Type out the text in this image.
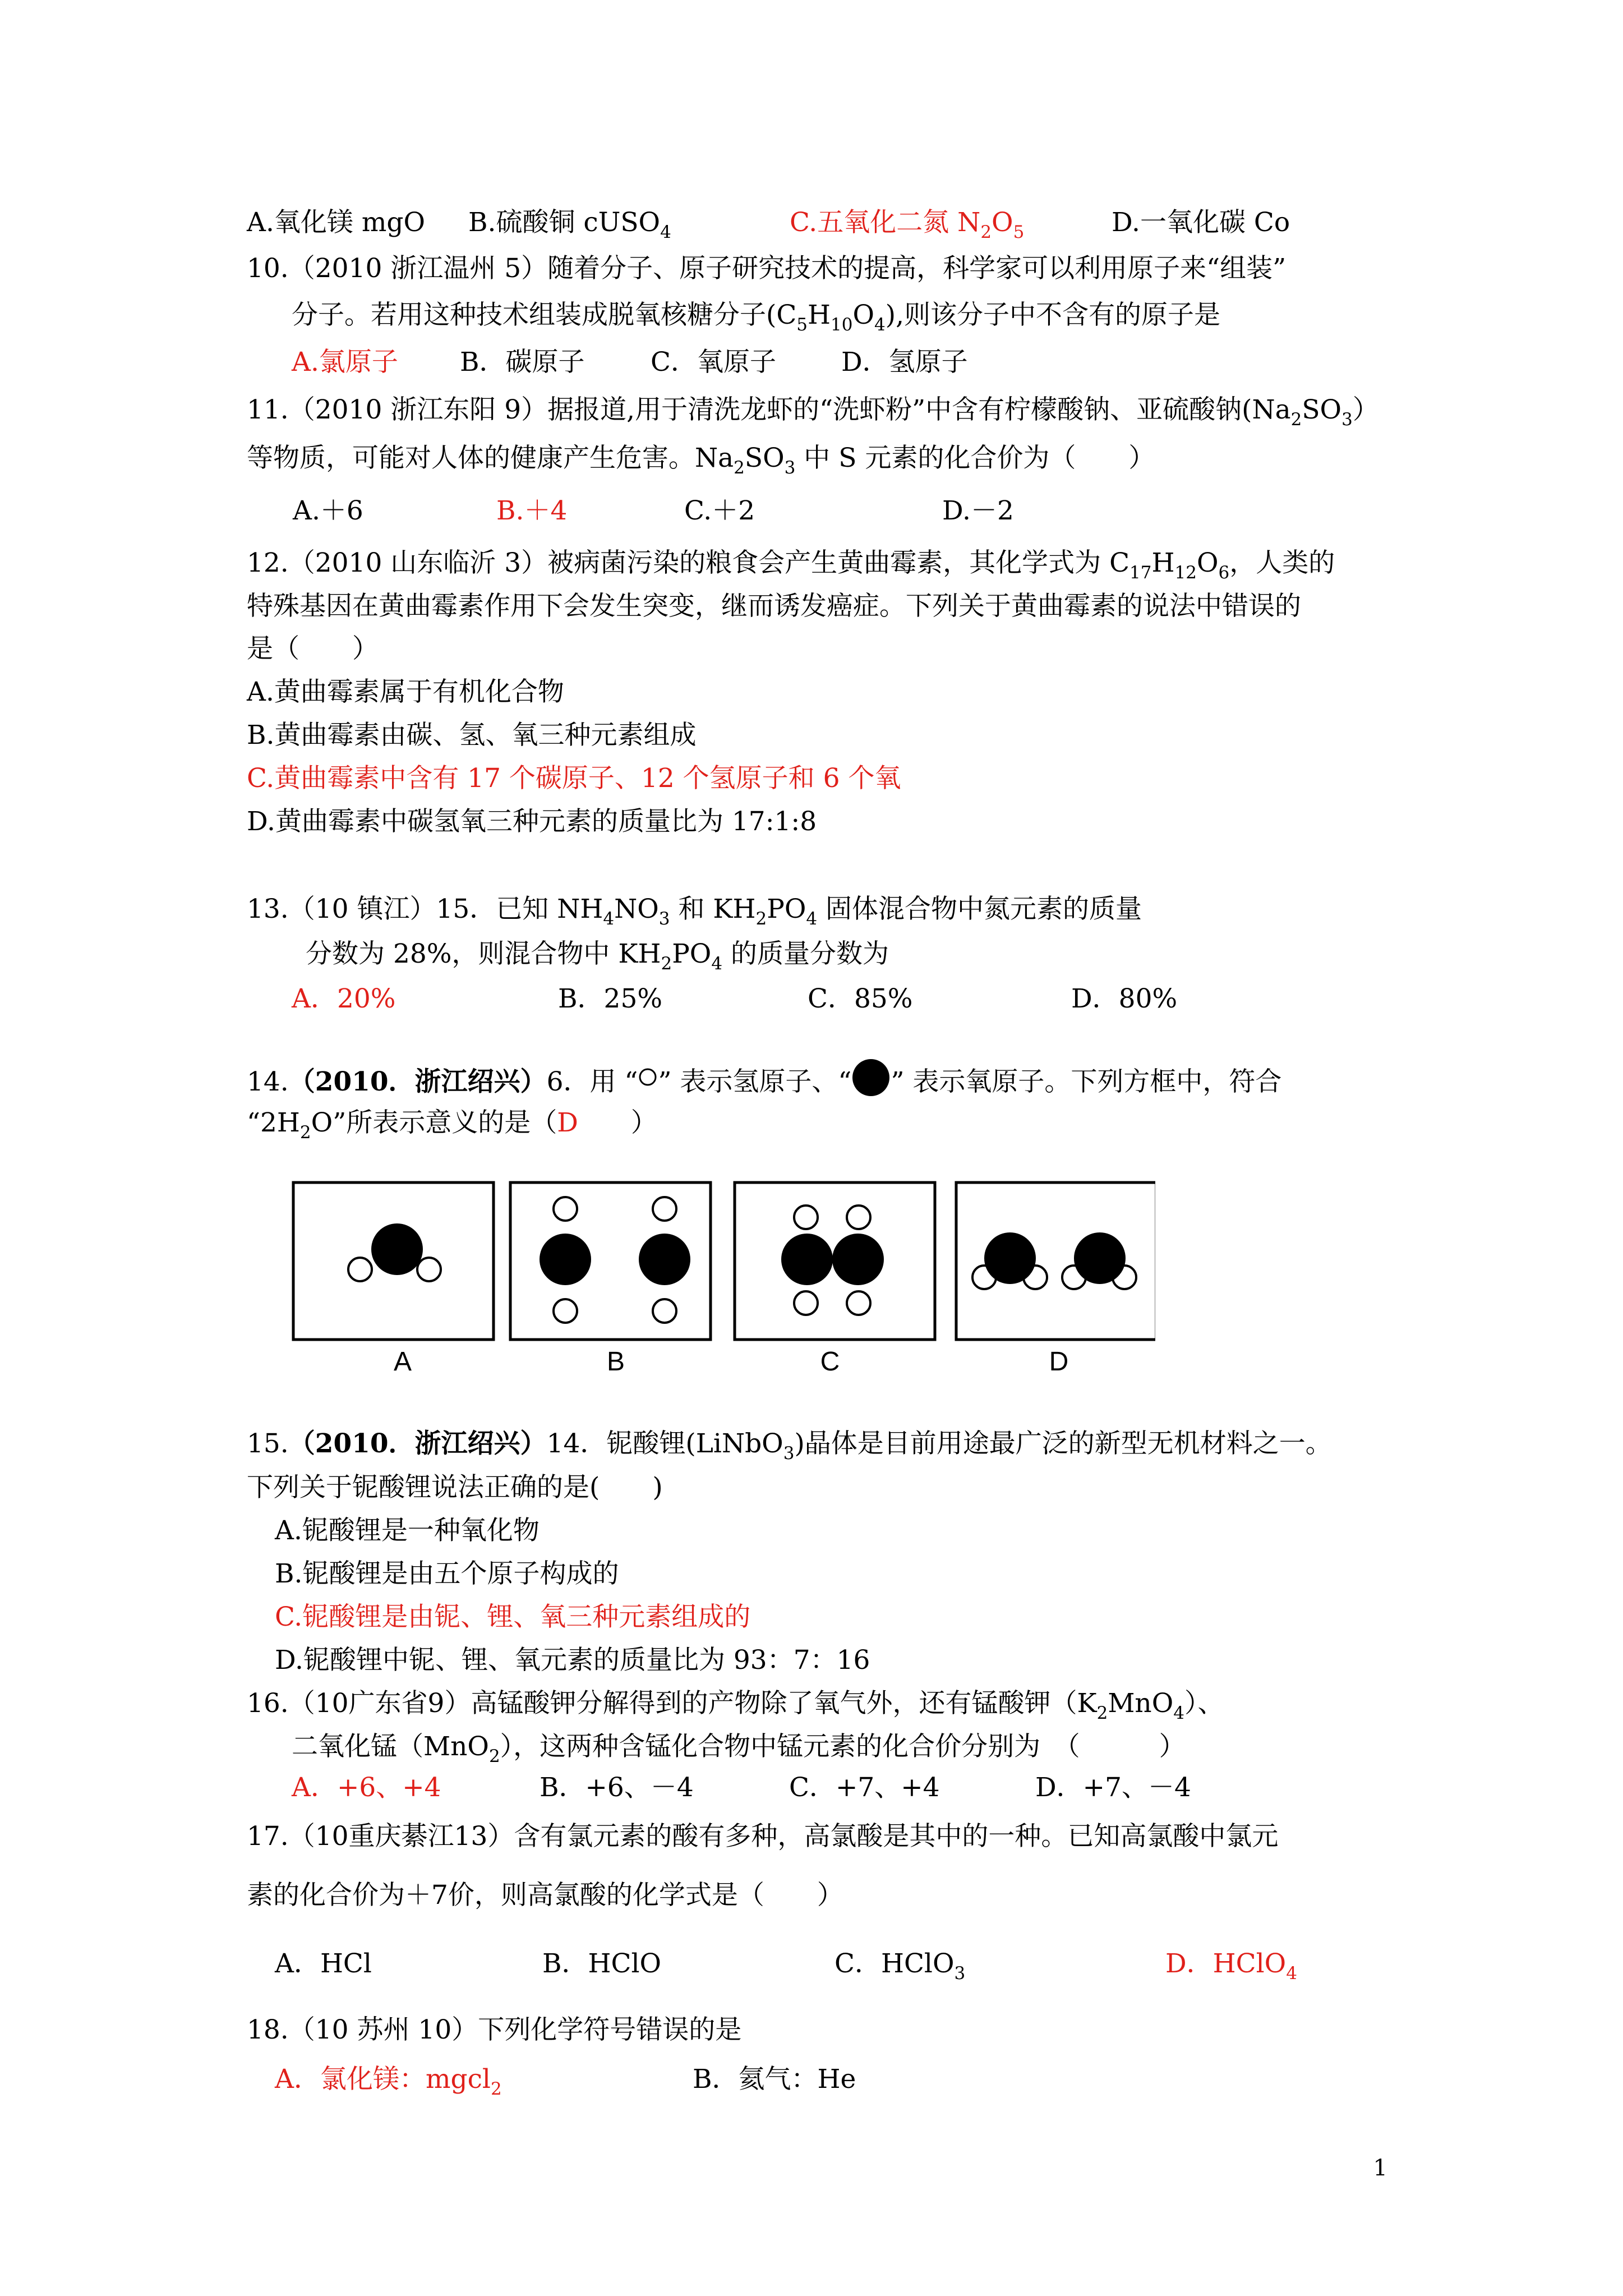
A.氧化镁 mgO B.硫酸铜 cUSO$_4$	C.五氧化二氮 $N_2O_5$	D.一氧化碳 Co
10.（2010 浙江温州 5）随着分子、原子研究技术的提高，科学家可以利用原子来“组装”
分子。若用这种技术组装成脱氧核糖分子$(C_5H_{10}O_4)$,则该分子中不含有的原子是
A.氯原子 B．碳原子 C．氧原子 D．氢原子
11.（2010 浙江东阳 9）据报道,用于清洗龙虾的“洗虾粉”中含有柠檬酸钠、亚硫酸钠$(Na_2SO_3)$
等物质，可能对人体的健康产生危害。$Na_2SO_3$ 中 S 元素的化合价为（　　）
A.＋6	B.＋4	C.＋2	D.－2
12.（2010 山东临沂 3）被病菌污染的粮食会产生黄曲霉素，其化学式为 $C_{17}H_{12}O_6$，人类的
特殊基因在黄曲霉素作用下会发生突变，继而诱发癌症。下列关于黄曲霉素的说法中错误的
是（　　）
A.黄曲霉素属于有机化合物
B.黄曲霉素由碳、氢、氧三种元素组成
C.黄曲霉素中含有 17 个碳原子、12 个氢原子和 6 个氧
D.黄曲霉素中碳氢氧三种元素的质量比为 17:1:8
13.（10 镇江）15．已知 $NH_4NO_3$ 和 $KH_2PO_4$ 固体混合物中氮元素的质量
分数为 28%，则混合物中 $KH_2PO_4$ 的质量分数为
A．20%	B．25%	C．85%	D．80%
14.（2010．浙江绍兴）6．用 “ ” 表示氢原子、“ ” 表示氧原子。下列方框中，符合
“$2H_2O$”所表示意义的是（D　　）
A	B	C	D
15.（2010．浙江绍兴）14．铌酸锂(LiNbO$_3$)晶体是目前用途最广泛的新型无机材料之一。
下列关于铌酸锂说法正确的是(　　)
A.铌酸锂是一种氧化物
B.铌酸锂是由五个原子构成的
C.铌酸锂是由铌、锂、氧三种元素组成的
D.铌酸锂中铌、锂、氧元素的质量比为 93：7：16
16.（10广东省9）高锰酸钾分解得到的产物除了氧气外，还有锰酸钾$(K_2MnO_4)$、
二氧化锰（MnO$_2$），这两种含锰化合物中锰元素的化合价分别为　（　　　）
A．+6、+4	B．+6、－4	C．+7、+4	D．+7、－4
17.（10重庆綦江13）含有氯元素的酸有多种，高氯酸是其中的一种。已知高氯酸中氯元
素的化合价为＋7价，则高氯酸的化学式是（　　）
A．HCl	B．HClO	C．HClO$_3$	D．HClO$_4$
18.（10 苏州 10）下列化学符号错误的是
A．氯化镁：mgcl$_2$	B．氦气：He
1
